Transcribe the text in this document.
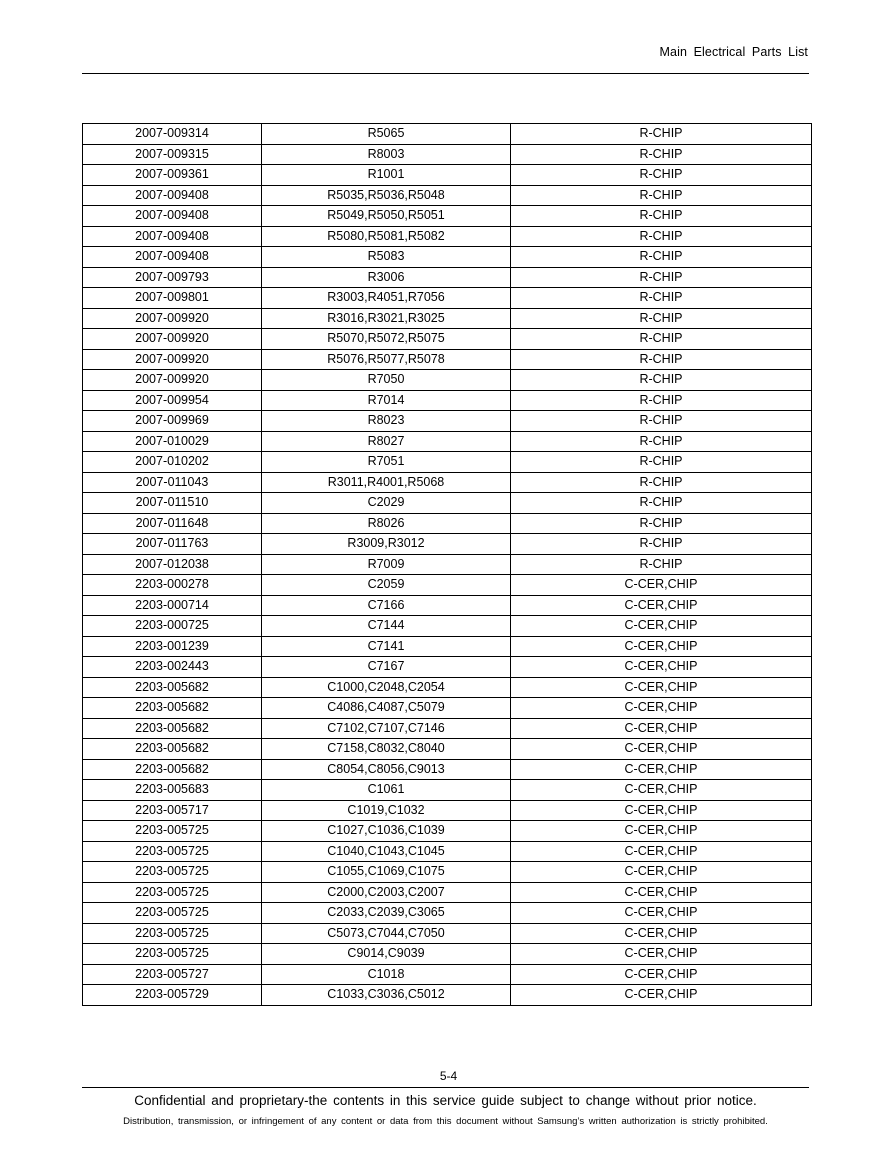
Main Electrical Parts List
2007-009314	R5065	R-CHIP
2007-009315	R8003	R-CHIP
2007-009361	R1001	R-CHIP
2007-009408	R5035,R5036,R5048	R-CHIP
2007-009408	R5049,R5050,R5051	R-CHIP
2007-009408	R5080,R5081,R5082	R-CHIP
2007-009408	R5083	R-CHIP
2007-009793	R3006	R-CHIP
2007-009801	R3003,R4051,R7056	R-CHIP
2007-009920	R3016,R3021,R3025	R-CHIP
2007-009920	R5070,R5072,R5075	R-CHIP
2007-009920	R5076,R5077,R5078	R-CHIP
2007-009920	R7050	R-CHIP
2007-009954	R7014	R-CHIP
2007-009969	R8023	R-CHIP
2007-010029	R8027	R-CHIP
2007-010202	R7051	R-CHIP
2007-011043	R3011,R4001,R5068	R-CHIP
2007-011510	C2029	R-CHIP
2007-011648	R8026	R-CHIP
2007-011763	R3009,R3012	R-CHIP
2007-012038	R7009	R-CHIP
2203-000278	C2059	C-CER,CHIP
2203-000714	C7166	C-CER,CHIP
2203-000725	C7144	C-CER,CHIP
2203-001239	C7141	C-CER,CHIP
2203-002443	C7167	C-CER,CHIP
2203-005682	C1000,C2048,C2054	C-CER,CHIP
2203-005682	C4086,C4087,C5079	C-CER,CHIP
2203-005682	C7102,C7107,C7146	C-CER,CHIP
2203-005682	C7158,C8032,C8040	C-CER,CHIP
2203-005682	C8054,C8056,C9013	C-CER,CHIP
2203-005683	C1061	C-CER,CHIP
2203-005717	C1019,C1032	C-CER,CHIP
2203-005725	C1027,C1036,C1039	C-CER,CHIP
2203-005725	C1040,C1043,C1045	C-CER,CHIP
2203-005725	C1055,C1069,C1075	C-CER,CHIP
2203-005725	C2000,C2003,C2007	C-CER,CHIP
2203-005725	C2033,C2039,C3065	C-CER,CHIP
2203-005725	C5073,C7044,C7050	C-CER,CHIP
2203-005725	C9014,C9039	C-CER,CHIP
2203-005727	C1018	C-CER,CHIP
2203-005729	C1033,C3036,C5012	C-CER,CHIP
5-4
Confidential and proprietary-the contents in this service guide subject to change without prior notice.
Distribution, transmission, or infringement of any content or data from this document without Samsung’s written authorization is strictly prohibited.
